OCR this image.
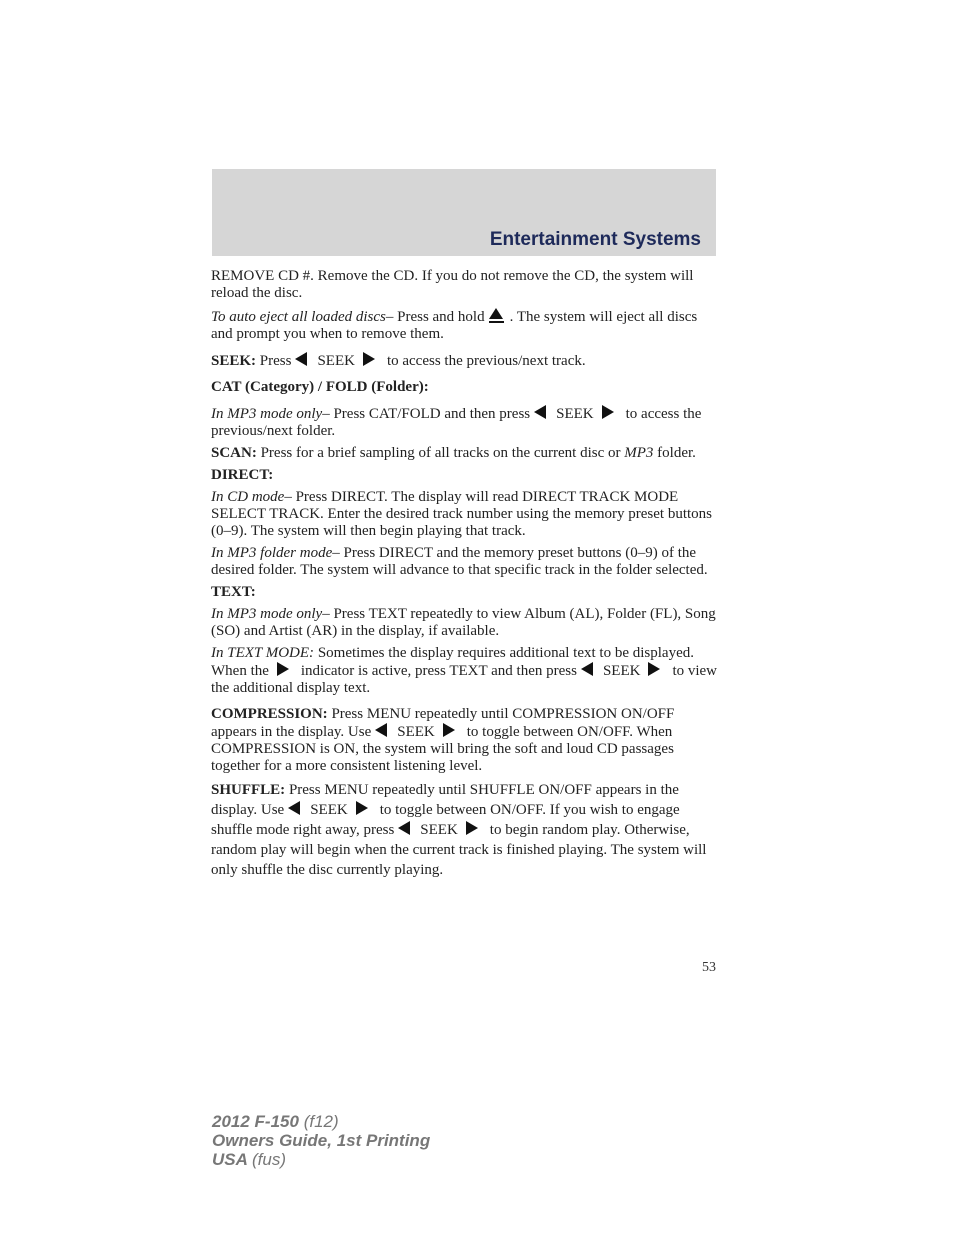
Entertainment Systems

REMOVE CD #. Remove the CD. If you do not remove the CD, the system will reload the disc.

To auto eject all loaded discs– Press and hold . The system will eject all discs and prompt you when to remove them.

SEEK: Press SEEK to access the previous/next track.

CAT (Category) / FOLD (Folder):

In MP3 mode only– Press CAT/FOLD and then press SEEK to access the previous/next folder.

SCAN: Press for a brief sampling of all tracks on the current disc or MP3 folder.

DIRECT:

In CD mode– Press DIRECT. The display will read DIRECT TRACK MODE SELECT TRACK. Enter the desired track number using the memory preset buttons (0–9). The system will then begin playing that track.

In MP3 folder mode– Press DIRECT and the memory preset buttons (0–9) of the desired folder. The system will advance to that specific track in the folder selected.

TEXT:

In MP3 mode only– Press TEXT repeatedly to view Album (AL), Folder (FL), Song (SO) and Artist (AR) in the display, if available.

In TEXT MODE: Sometimes the display requires additional text to be displayed. When the indicator is active, press TEXT and then press SEEK to view the additional display text.

COMPRESSION: Press MENU repeatedly until COMPRESSION ON/OFF appears in the display. Use SEEK to toggle between ON/OFF. When COMPRESSION is ON, the system will bring the soft and loud CD passages together for a more consistent listening level.

SHUFFLE: Press MENU repeatedly until SHUFFLE ON/OFF appears in the display. Use SEEK to toggle between ON/OFF. If you wish to engage shuffle mode right away, press SEEK to begin random play. Otherwise, random play will begin when the current track is finished playing. The system will only shuffle the disc currently playing.

53
2012 F-150 (f12)
Owners Guide, 1st Printing
USA (fus)
